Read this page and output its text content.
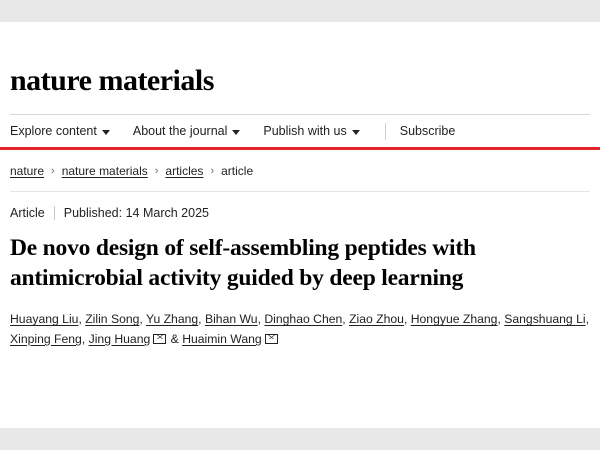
nature materials
Explore content	About the journal	Publish with us	Subscribe
nature › nature materials › articles › article
Article Published: 14 March 2025
De novo design of self-assembling peptides with antimicrobial activity guided by deep learning
Huayang Liu, Zilin Song, Yu Zhang, Bihan Wu, Dinghao Chen, Ziao Zhou, Hongyue Zhang, Sangshuang Li, Xinping Feng, Jing Huang & Huaimin Wang
